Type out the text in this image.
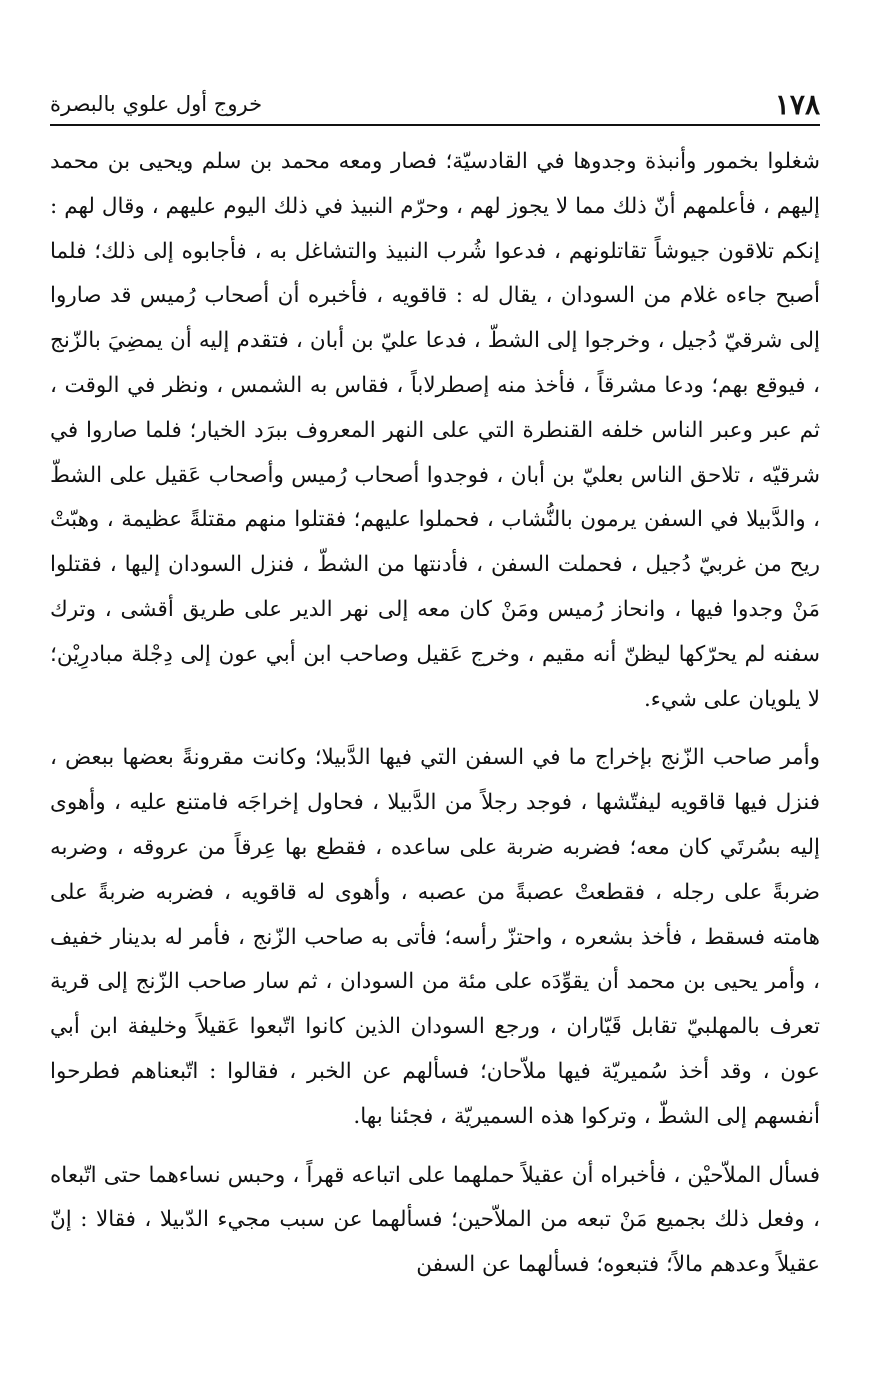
١٧٨
خروج أول علوي بالبصرة

شغلوا بخمور وأنبذة وجدوها في القادسيّة؛ فصار ومعه محمد بن سلم ويحيى بن محمد إليهم ، فأعلمهم أنّ ذلك مما لا يجوز لهم ، وحرّم النبيذ في ذلك اليوم عليهم ، وقال لهم : إنكم تلاقون جيوشاً تقاتلونهم ، فدعوا شُرب النبيذ والتشاغل به ، فأجابوه إلى ذلك؛ فلما أصبح جاءه غلام من السودان ، يقال له : قاقويه ، فأخبره أن أصحاب رُميس قد صاروا إلى شرقيّ دُجيل ، وخرجوا إلى الشطّ ، فدعا عليّ بن أبان ، فتقدم إليه أن يمضِيَ بالزّنج ، فيوقع بهم؛ ودعا مشرقاً ، فأخذ منه إصطرلاباً ، فقاس به الشمس ، ونظر في الوقت ، ثم عبر وعبر الناس خلفه القنطرة التي على النهر المعروف ببرَد الخيار؛ فلما صاروا في شرقيّه ، تلاحق الناس بعليّ بن أبان ، فوجدوا أصحاب رُميس وأصحاب عَقيل على الشطّ ، والدَّبيلا في السفن يرمون بالنُّشاب ، فحملوا عليهم؛ فقتلوا منهم مقتلةً عظيمة ، وهبّتْ ريح من غربيّ دُجيل ، فحملت السفن ، فأدنتها من الشطّ ، فنزل السودان إليها ، فقتلوا مَنْ وجدوا فيها ، وانحاز رُميس ومَنْ كان معه إلى نهر الدير على طريق أقشى ، وترك سفنه لم يحرّكها ليظنّ أنه مقيم ، وخرج عَقيل وصاحب ابن أبي عون إلى دِجْلة مبادرِيْن؛ لا يلويان على شيء.

وأمر صاحب الزّنج بإخراج ما في السفن التي فيها الدَّبيلا؛ وكانت مقرونةً بعضها ببعض ، فنزل فيها قاقويه ليفتّشها ، فوجد رجلاً من الدَّبيلا ، فحاول إخراجَه فامتنع عليه ، وأهوى إليه بسُرتَي كان معه؛ فضربه ضربة على ساعده ، فقطع بها عِرقاً من عروقه ، وضربه ضربةً على رجله ، فقطعتْ عصبةً من عصبه ، وأهوى له قاقويه ، فضربه ضربةً على هامته فسقط ، فأخذ بشعره ، واحتزّ رأسه؛ فأتى به صاحب الزّنج ، فأمر له بدينار خفيف ، وأمر يحيى بن محمد أن يقوِّدَه على مئة من السودان ، ثم سار صاحب الزّنج إلى قرية تعرف بالمهلبيّ تقابل قَيّاران ، ورجع السودان الذين كانوا اتّبعوا عَقيلاً وخليفة ابن أبي عون ، وقد أخذ سُميريّة فيها ملاّحان؛ فسألهم عن الخبر ، فقالوا : اتّبعناهم فطرحوا أنفسهم إلى الشطّ ، وتركوا هذه السميريّة ، فجئنا بها.

فسأل الملاّحيْن ، فأخبراه أن عقيلاً حملهما على اتباعه قهراً ، وحبس نساءهما حتى اتّبعاه ، وفعل ذلك بجميع مَنْ تبعه من الملاّحين؛ فسألهما عن سبب مجيء الدّبيلا ، فقالا : إنّ عقيلاً وعدهم مالاً؛ فتبعوه؛ فسألهما عن السفن
